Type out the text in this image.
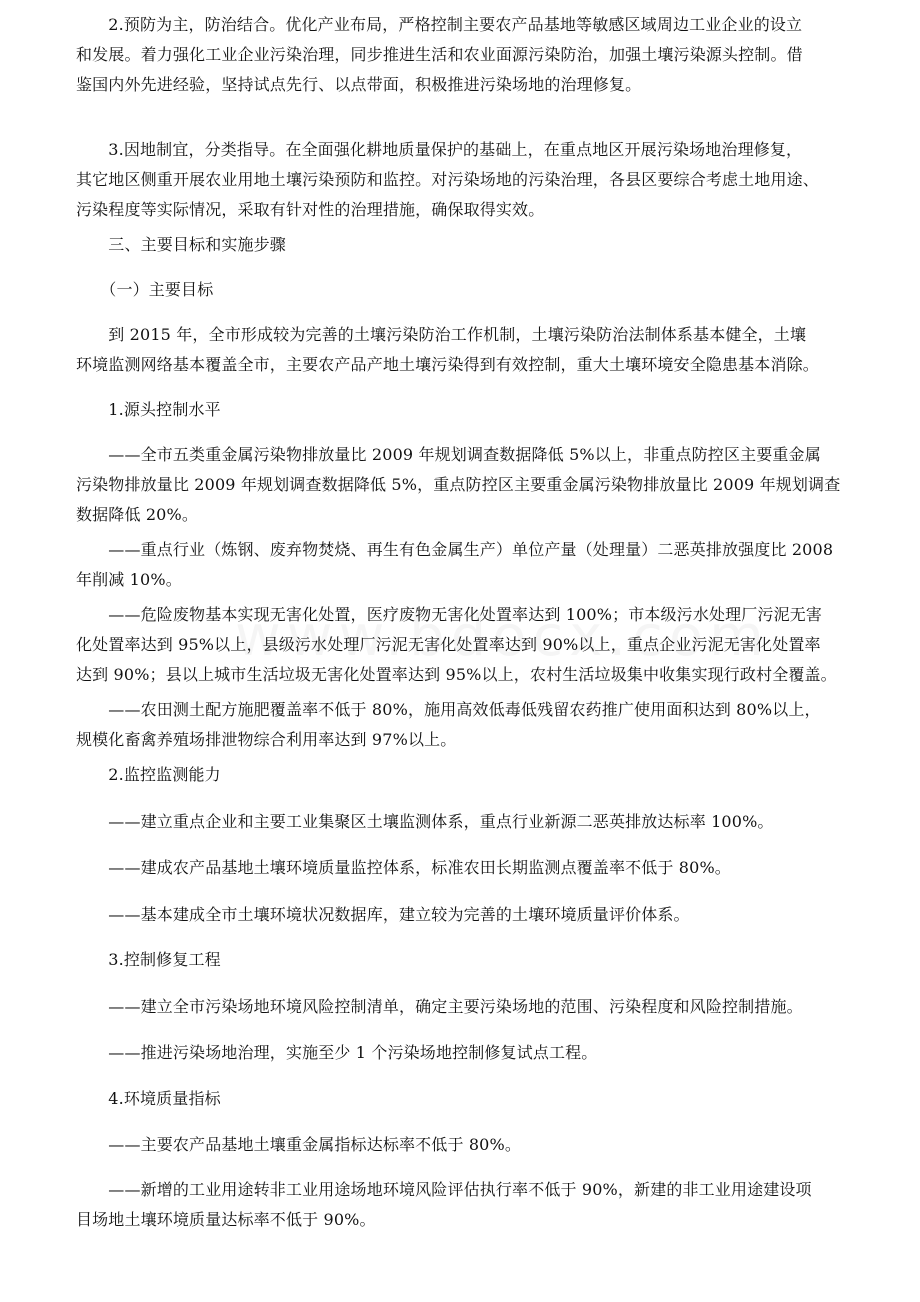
　　2.预防为主，防治结合。优化产业布局，严格控制主要农产品基地等敏感区域周边工业企业的设立
和发展。着力强化工业企业污染治理，同步推进生活和农业面源污染防治，加强土壤污染源头控制。借
鉴国内外先进经验，坚持试点先行、以点带面，积极推进污染场地的治理修复。
　　3.因地制宜，分类指导。在全面强化耕地质量保护的基础上，在重点地区开展污染场地治理修复，
其它地区侧重开展农业用地土壤污染预防和监控。对污染场地的污染治理，各县区要综合考虑土地用途、
污染程度等实际情况，采取有针对性的治理措施，确保取得实效。
　　三、主要目标和实施步骤
　　（一）主要目标
　　到 2015 年，全市形成较为完善的土壤污染防治工作机制，土壤污染防治法制体系基本健全，土壤
环境监测网络基本覆盖全市，主要农产品产地土壤污染得到有效控制，重大土壤环境安全隐患基本消除。
　　1.源头控制水平
　　——全市五类重金属污染物排放量比 2009 年规划调查数据降低 5%以上，非重点防控区主要重金属
污染物排放量比 2009 年规划调查数据降低 5%，重点防控区主要重金属污染物排放量比 2009 年规划调查
数据降低 20%。
　　——重点行业（炼钢、废弃物焚烧、再生有色金属生产）单位产量（处理量）二恶英排放强度比 2008
年削减 10%。
　　——危险废物基本实现无害化处置，医疗废物无害化处置率达到 100%；市本级污水处理厂污泥无害
化处置率达到 95%以上，县级污水处理厂污泥无害化处置率达到 90%以上，重点企业污泥无害化处置率
达到 90%；县以上城市生活垃圾无害化处置率达到 95%以上，农村生活垃圾集中收集实现行政村全覆盖。
　　——农田测土配方施肥覆盖率不低于 80%，施用高效低毒低残留农药推广使用面积达到 80%以上，
规模化畜禽养殖场排泄物综合利用率达到 97%以上。
　　2.监控监测能力
　　——建立重点企业和主要工业集聚区土壤监测体系，重点行业新源二恶英排放达标率 100%。
　　——建成农产品基地土壤环境质量监控体系，标准农田长期监测点覆盖率不低于 80%。
　　——基本建成全市土壤环境状况数据库，建立较为完善的土壤环境质量评价体系。
　　3.控制修复工程
　　——建立全市污染场地环境风险控制清单，确定主要污染场地的范围、污染程度和风险控制措施。
　　——推进污染场地治理，实施至少 1 个污染场地控制修复试点工程。
　　4.环境质量指标
　　——主要农产品基地土壤重金属指标达标率不低于 80%。
　　——新增的工业用途转非工业用途场地环境风险评估执行率不低于 90%，新建的非工业用途建设项
目场地土壤环境质量达标率不低于 90%。
